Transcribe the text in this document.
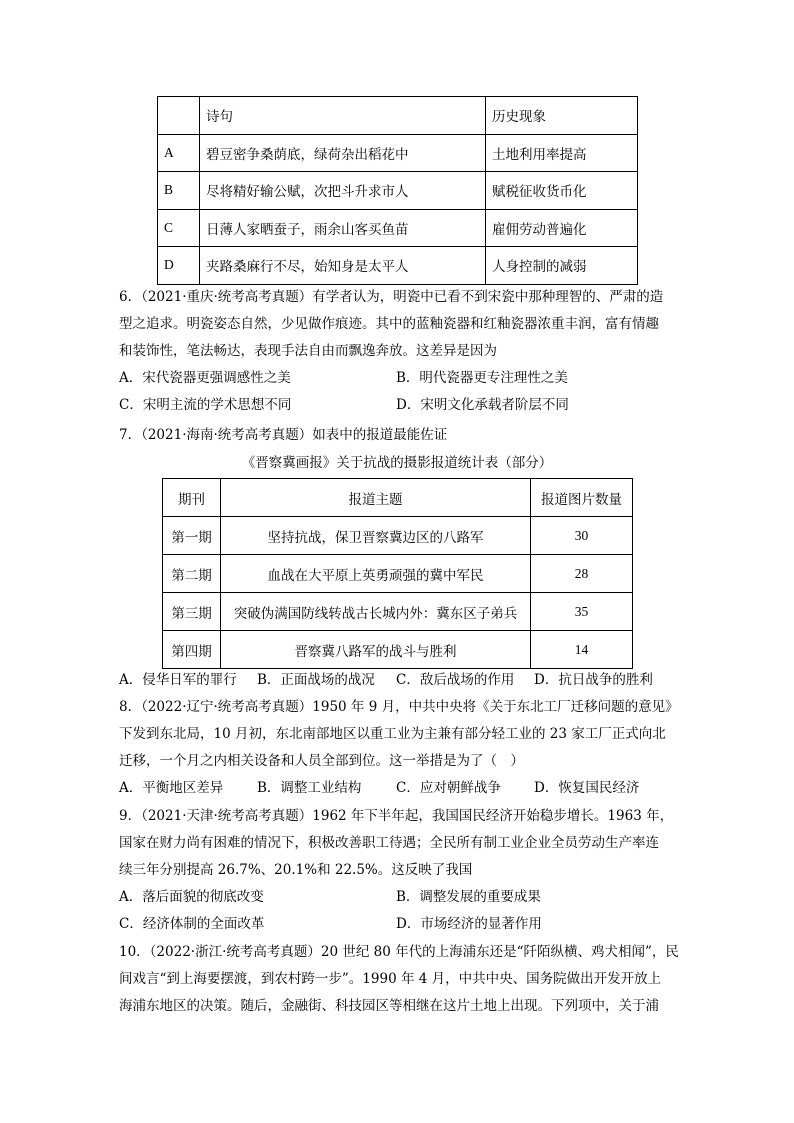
	诗句	历史现象
A	碧豆密争桑荫底，绿荷杂出稻花中	土地利用率提高
B	尽将精好输公赋，次把斗升求市人	赋税征收货币化
C	日薄人家晒蚕子，雨余山客买鱼苗	雇佣劳动普遍化
D	夹路桑麻行不尽，始知身是太平人	人身控制的减弱
6．（2021·重庆·统考高考真题）有学者认为，明瓷中已看不到宋瓷中那种理智的、严肃的造
型之追求。明瓷姿态自然，少见做作痕迹。其中的蓝釉瓷器和红釉瓷器浓重丰润，富有情趣
和装饰性，笔法畅达，表现手法自由而飘逸奔放。这差异是因为
A．宋代瓷器更强调感性之美	B．明代瓷器更专注理性之美
C．宋明主流的学术思想不同	D．宋明文化承载者阶层不同
7．（2021·海南·统考高考真题）如表中的报道最能佐证
《晋察冀画报》关于抗战的摄影报道统计表（部分）
期刊	报道主题	报道图片数量
第一期	坚持抗战，保卫晋察冀边区的八路军	30
第二期	血战在大平原上英勇顽强的冀中军民	28
第三期	突破伪满国防线转战古长城内外：冀东区子弟兵	35
第四期	晋察冀八路军的战斗与胜利	14
A．侵华日军的罪行 B．正面战场的战况 C．敌后战场的作用 D．抗日战争的胜利
8．（2022·辽宁·统考高考真题）1950 年 9 月，中共中央将《关于东北工厂迁移问题的意见》
下发到东北局，10 月初，东北南部地区以重工业为主兼有部分轻工业的 23 家工厂正式向北
迁移，一个月之内相关设备和人员全部到位。这一举措是为了（　）
A．平衡地区差异	B．调整工业结构	C．应对朝鲜战争 D．恢复国民经济
9．（2021·天津·统考高考真题）1962 年下半年起，我国国民经济开始稳步增长。1963 年，
国家在财力尚有困难的情况下，积极改善职工待遇；全民所有制工业企业全员劳动生产率连
续三年分别提高 26.7%、20.1%和 22.5%。这反映了我国
A．落后面貌的彻底改变	B．调整发展的重要成果
C．经济体制的全面改革	D．市场经济的显著作用
10．（2022·浙江·统考高考真题）20 世纪 80 年代的上海浦东还是“阡陌纵横、鸡犬相闻”，民
间戏言“到上海要摆渡，到农村跨一步”。1990 年 4 月，中共中央、国务院做出开发开放上
海浦东地区的决策。随后，金融街、科技园区等相继在这片土地上出现。下列项中，关于浦
